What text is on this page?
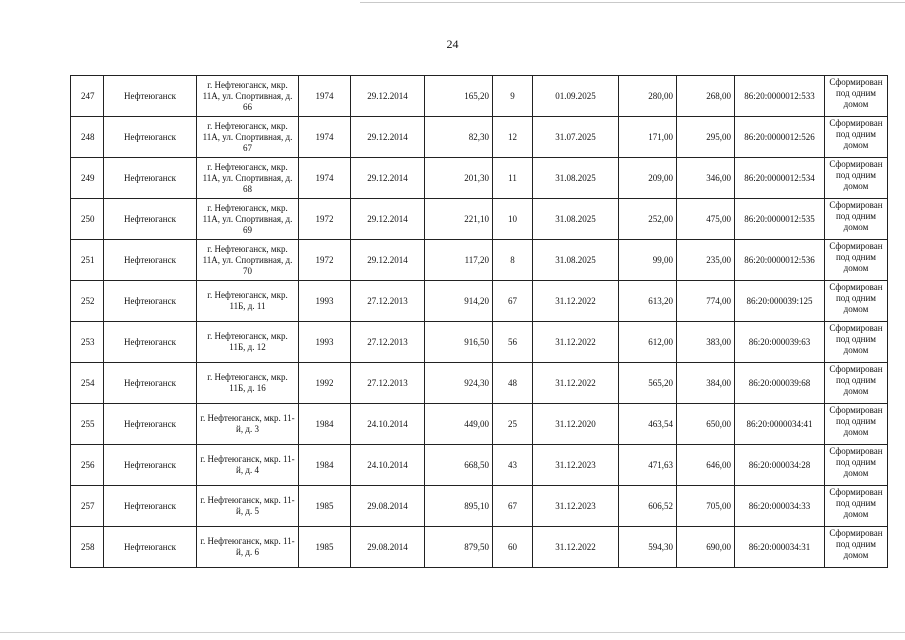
24
247	Нефтеюганск	г. Нефтеюганск, мкр. 11А, ул. Спортивная, д. 66	1974	29.12.2014	165,20	9	01.09.2025	280,00	268,00	86:20:0000012:533	Сформирован под одним домом
248	Нефтеюганск	г. Нефтеюганск, мкр. 11А, ул. Спортивная, д. 67	1974	29.12.2014	82,30	12	31.07.2025	171,00	295,00	86:20:0000012:526	Сформирован под одним домом
249	Нефтеюганск	г. Нефтеюганск, мкр. 11А, ул. Спортивная, д. 68	1974	29.12.2014	201,30	11	31.08.2025	209,00	346,00	86:20:0000012:534	Сформирован под одним домом
250	Нефтеюганск	г. Нефтеюганск, мкр. 11А, ул. Спортивная, д. 69	1972	29.12.2014	221,10	10	31.08.2025	252,00	475,00	86:20:0000012:535	Сформирован под одним домом
251	Нефтеюганск	г. Нефтеюганск, мкр. 11А, ул. Спортивная, д. 70	1972	29.12.2014	117,20	8	31.08.2025	99,00	235,00	86:20:0000012:536	Сформирован под одним домом
252	Нефтеюганск	г. Нефтеюганск, мкр. 11Б, д. 11	1993	27.12.2013	914,20	67	31.12.2022	613,20	774,00	86:20:000039:125	Сформирован под одним домом
253	Нефтеюганск	г. Нефтеюганск, мкр. 11Б, д. 12	1993	27.12.2013	916,50	56	31.12.2022	612,00	383,00	86:20:000039:63	Сформирован под одним домом
254	Нефтеюганск	г. Нефтеюганск, мкр. 11Б, д. 16	1992	27.12.2013	924,30	48	31.12.2022	565,20	384,00	86:20:000039:68	Сформирован под одним домом
255	Нефтеюганск	г. Нефтеюганск, мкр. 11-й, д. 3	1984	24.10.2014	449,00	25	31.12.2020	463,54	650,00	86:20:0000034:41	Сформирован под одним домом
256	Нефтеюганск	г. Нефтеюганск, мкр. 11-й, д. 4	1984	24.10.2014	668,50	43	31.12.2023	471,63	646,00	86:20:000034:28	Сформирован под одним домом
257	Нефтеюганск	г. Нефтеюганск, мкр. 11-й, д. 5	1985	29.08.2014	895,10	67	31.12.2023	606,52	705,00	86:20:000034:33	Сформирован под одним домом
258	Нефтеюганск	г. Нефтеюганск, мкр. 11-й, д. 6	1985	29.08.2014	879,50	60	31.12.2022	594,30	690,00	86:20:000034:31	Сформирован под одним домом
